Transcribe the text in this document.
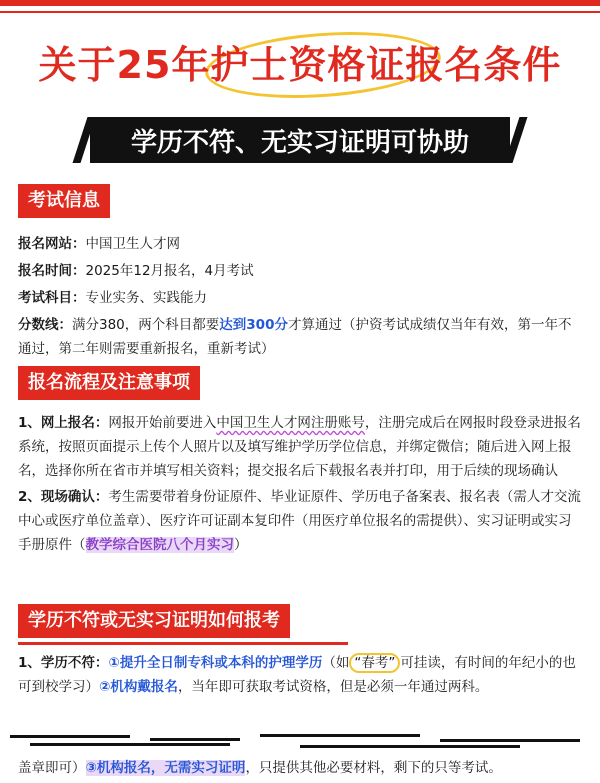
关于25年护士资格证报名条件
学历不符、无实习证明可协助
考试信息
报名网站：中国卫生人才网
报名时间：2025年12月报名，4月考试
考试科目：专业实务、实践能力
分数线：满分380，两个科目都要达到300分才算通过（护资考试成绩仅当年有效，第一年不通过，第二年则需要重新报名，重新考试）
报名流程及注意事项
1、网上报名：网报开始前要进入中国卫生人才网注册账号，注册完成后在网报时段登录进报名系统，按照页面提示上传个人照片以及填写维护学历学位信息，并绑定微信；随后进入网上报名，选择你所在省市并填写相关资料；提交报名后下载报名表并打印，用于后续的现场确认
2、现场确认：考生需要带着身份证原件、毕业证原件、学历电子备案表、报名表（需人才交流中心或医疗单位盖章）、医疗许可证副本复印件（用医疗单位报名的需提供）、实习证明或实习手册原件（教学综合医院八个月实习）
学历不符或无实习证明如何报考
1、学历不符：①提升全日制专科或本科的护理学历（如 “春考” 可挂读，有时间的年纪小的也可到校学习）②机构戴报名，当年即可获取考试资格，但是必须一年通过两科。
盖章即可）③机构报名，无需实习证明，只提供其他必要材料，剩下的只等考试。
